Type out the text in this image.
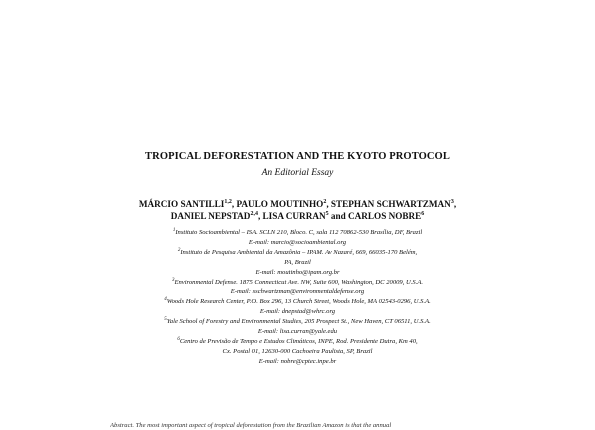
TROPICAL DEFORESTATION AND THE KYOTO PROTOCOL
An Editorial Essay
MÁRCIO SANTILLI$^{1,2}$, PAULO MOUTINHO$^2$, STEPHAN SCHWARTZMAN$^3$,
DANIEL NEPSTAD$^{2,4}$, LISA CURRAN$^5$ and CARLOS NOBRE$^6$
$^1$Instituto Socioambiental – ISA. SCLN 210, Bloco. C, sala 112 70862-530 Brasília, DF, Brazil
E-mail: marcio@socioambiental.org
$^2$Instituto de Pesquisa Ambiental da Amazônia – IPAM. Av Nazaré, 669, 66035-170 Belém,
PA, Brazil
E-mail: moutinho@ipam.org.br
$^3$Environmental Defense. 1875 Connecticut Ave. NW, Suite 600, Washington, DC 20009, U.S.A.
E-mail: sschwartzman@environmentaldefense.org
$^4$Woods Hole Research Center, P.O. Box 296, 13 Church Street, Woods Hole, MA 02543-0296, U.S.A.
E-mail: dnepstad@whrc.org
$^5$Yale School of Forestry and Environmental Studies, 205 Prospect St., New Haven, CT 06511, U.S.A.
E-mail: lisa.curran@yale.edu
$^6$Centro de Previsão de Tempo e Estudos Climáticos, INPE, Rod. Presidente Dutra, Km 40,
Cx. Postal 01, 12630-000 Cachoeira Paulista, SP, Brazil
E-mail: nobre@cptec.inpe.br
Abstract. The most important aspect of tropical deforestation from the Brazilian Amazon is that the annual
